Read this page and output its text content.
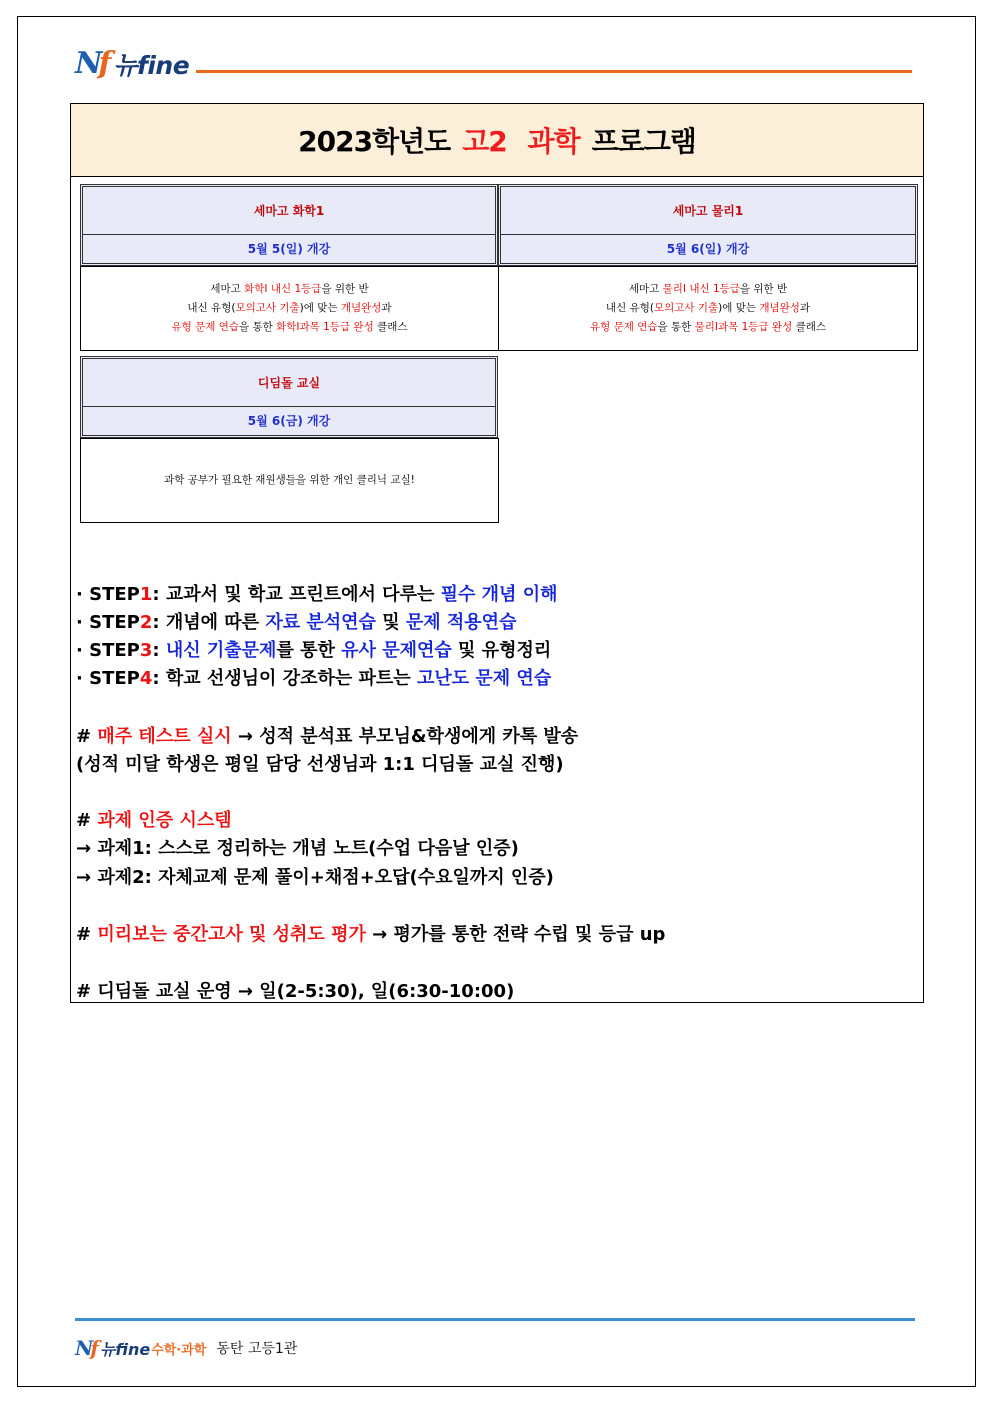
Nf 뉴fine
2023학년도 고2 과학 프로그램
세마고 화학1
5월 5(일) 개강
세마고 화학Ⅰ 내신 1등급을 위한 반
내신 유형(모의고사 기출)에 맞는 개념완성과
유형 문제 연습을 통한 화학Ⅰ과목 1등급 완성 클래스
세마고 물리1
5월 6(일) 개강
세마고 물리Ⅰ 내신 1등급을 위한 반
내신 유형(모의고사 기출)에 맞는 개념완성과
유형 문제 연습을 통한 물리Ⅰ과목 1등급 완성 클래스
디딤돌 교실
5월 6(금) 개강
과학 공부가 필요한 재원생들을 위한 개인 클리닉 교실!
· STEP1: 교과서 및 학교 프린트에서 다루는 필수 개념 이해
· STEP2: 개념에 따른 자료 분석연습 및 문제 적용연습
· STEP3: 내신 기출문제를 통한 유사 문제연습 및 유형정리
· STEP4: 학교 선생님이 강조하는 파트는 고난도 문제 연습
# 매주 테스트 실시 → 성적 분석표 부모님&학생에게 카톡 발송
(성적 미달 학생은 평일 담당 선생님과 1:1 디딤돌 교실 진행)
# 과제 인증 시스템
→ 과제1: 스스로 정리하는 개념 노트(수업 다음날 인증)
→ 과제2: 자체교제 문제 풀이+채점+오답(수요일까지 인증)
# 미리보는 중간고사 및 성취도 평가 → 평가를 통한 전략 수립 및 등급 up
# 디딤돌 교실 운영 → 일(2-5:30), 일(6:30-10:00)
Nf 뉴fine 수학·과학 동탄 고등1관
